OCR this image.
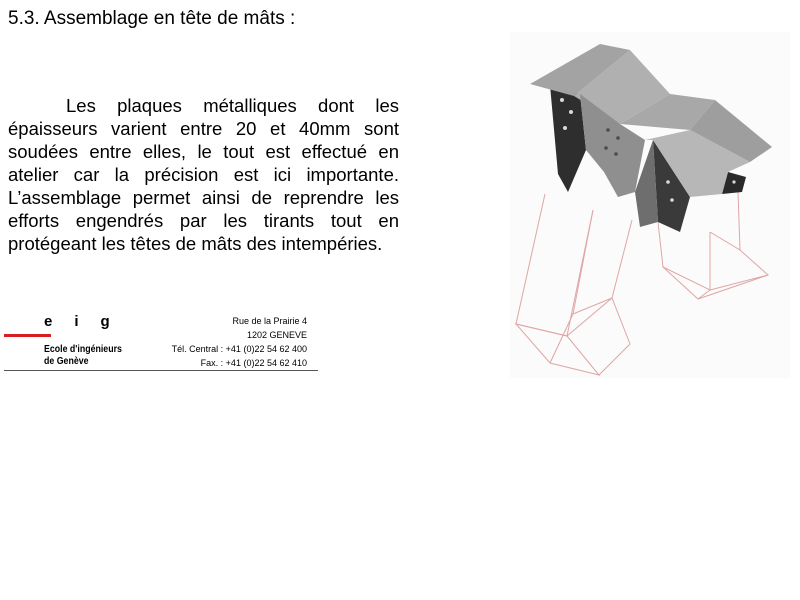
5.3. Assemblage en tête de mâts :

Les plaques métalliques dont les épaisseurs varient entre 20 et 40mm sont soudées entre elles, le tout est effectué en atelier car la précision est ici importante. L’assemblage permet ainsi de reprendre les efforts engendrés par les tirants tout en protégeant les têtes de mâts des intempéries.

eig
Ecole d'ingénieurs
de Genève
Rue de la Prairie 4
1202 GENEVE
Tél. Central : +41 (0)22 54 62 400
Fax. : +41 (0)22 54 62 410
